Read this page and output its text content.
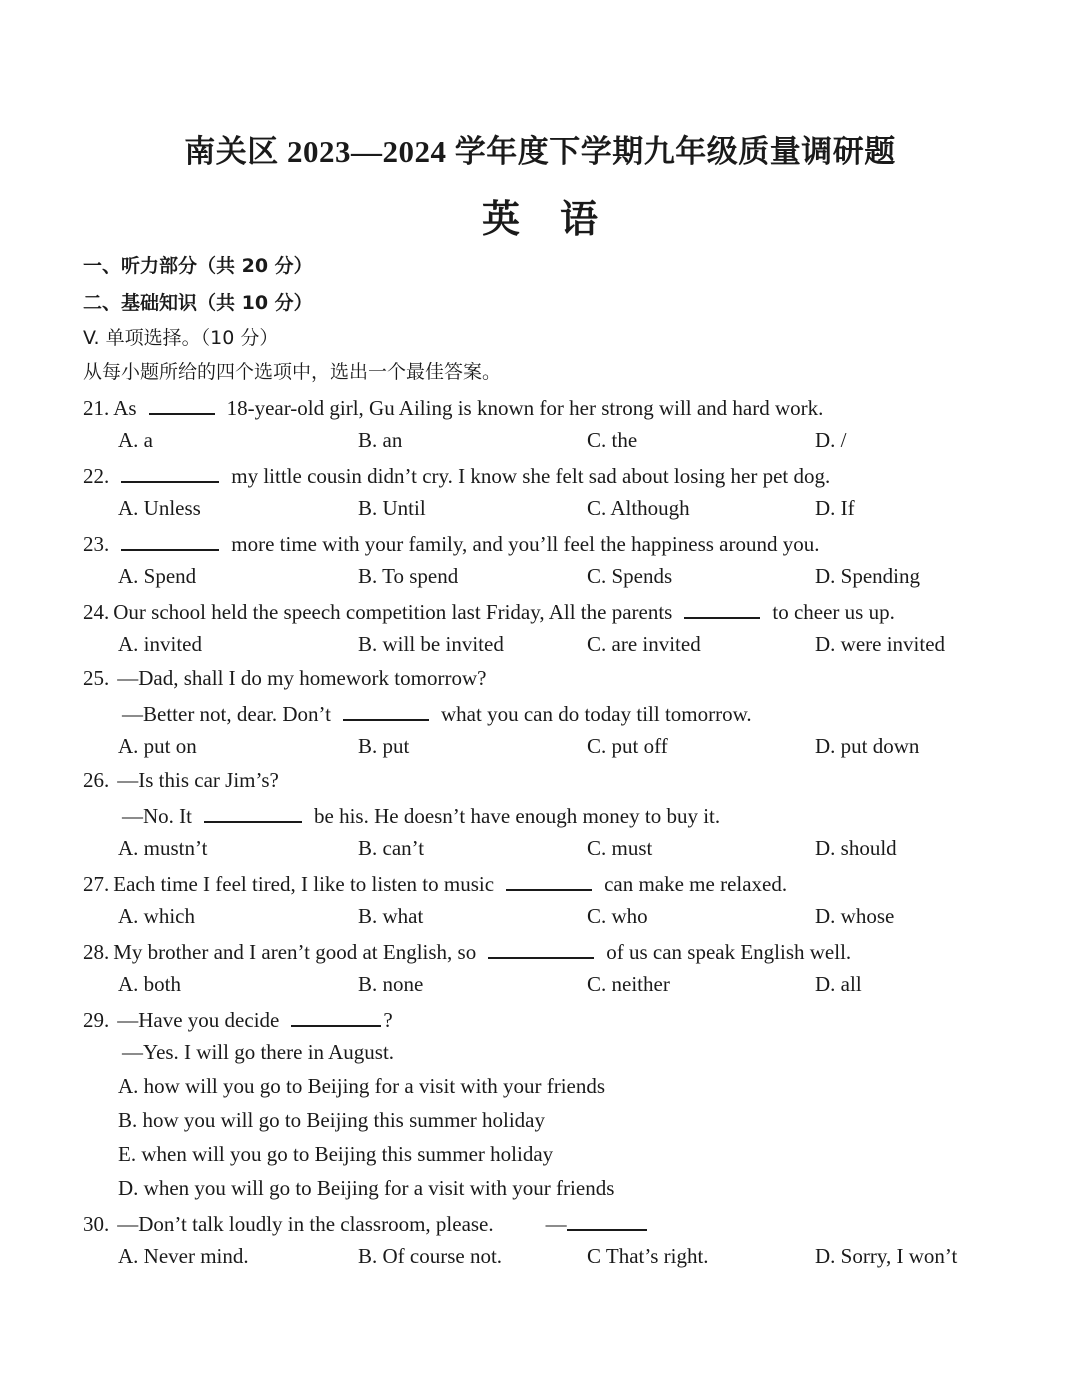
南关区 2023—2024 学年度下学期九年级质量调研题
英语
一、听力部分（共 20 分）
二、基础知识（共 10 分）
V. 单项选择。（10 分）
从每小题所给的四个选项中，选出一个最佳答案。
21. As	18-year-old girl, Gu Ailing is known for her strong will and hard work.
A. a	B. an	C. the	D. /
22.	my little cousin didn’t cry. I know she felt sad about losing her pet dog.
A. Unless	B. Until	C. Although	D. If
23.	more time with your family, and you’ll feel the happiness around you.
A. Spend	B. To spend	C. Spends	D. Spending
24. Our school held the speech competition last Friday, All the parents	to cheer us up.
A. invited	B. will be invited	C. are invited	D. were invited
25. —Dad, shall I do my homework tomorrow?
—Better not, dear. Don’t	what you can do today till tomorrow.
A. put on	B. put	C. put off	D. put down
26. —Is this car Jim’s?
—No. It	be his. He doesn’t have enough money to buy it.
A. mustn’t	B. can’t	C. must	D. should
27. Each time I feel tired, I like to listen to music	can make me relaxed.
A. which	B. what	C. who	D. whose
28. My brother and I aren’t good at English, so	of us can speak English well.
A. both	B. none	C. neither	D. all
29. —Have you decide	?
—Yes. I will go there in August.
A. how will you go to Beijing for a visit with your friends
B. how you will go to Beijing this summer holiday
E. when will you go to Beijing this summer holiday
D. when you will go to Beijing for a visit with your friends
30. —Don’t talk loudly in the classroom, please. —
A. Never mind.	B. Of course not.	C That’s right.	D. Sorry, I won’t
